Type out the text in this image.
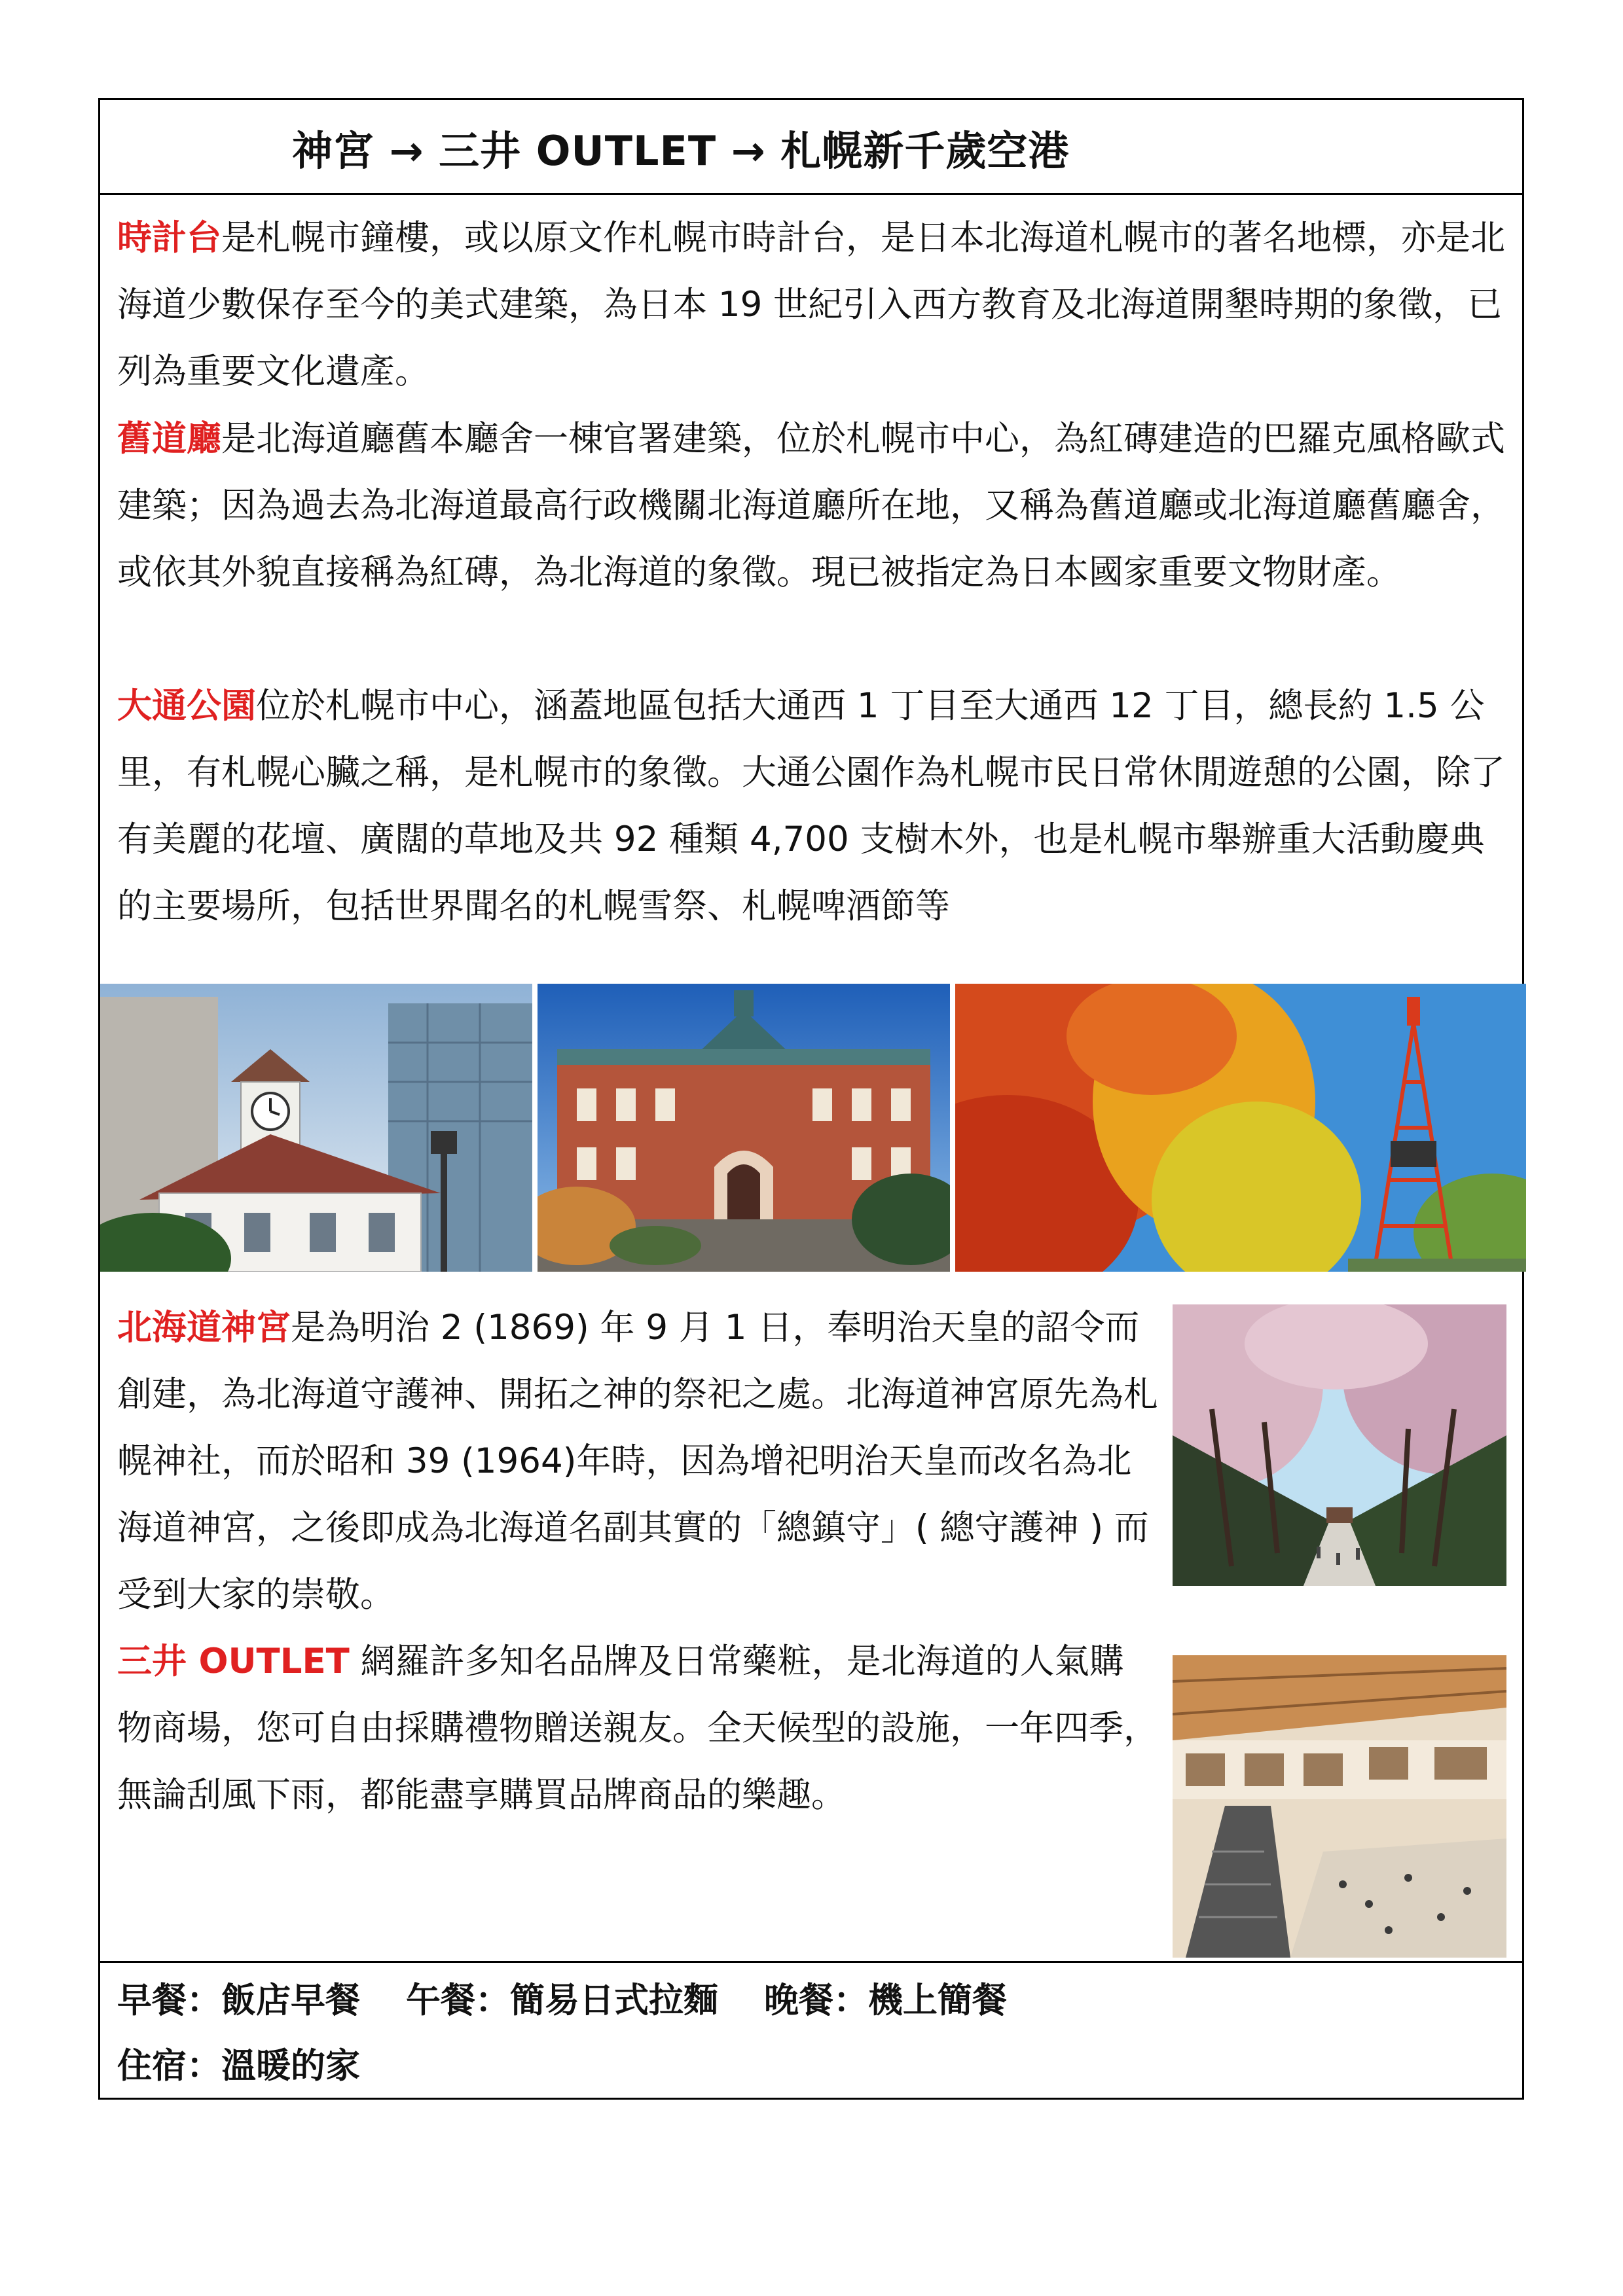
神宮 → 三井 OUTLET → 札幌新千歲空港

時計台是札幌市鐘樓，或以原文作札幌市時計台，是日本北海道札幌市的著名地標，亦是北海道少數保存至今的美式建築，為日本 19 世紀引入西方教育及北海道開墾時期的象徵，已列為重要文化遺產。

舊道廳是北海道廳舊本廳舍一棟官署建築，位於札幌市中心，為紅磚建造的巴羅克風格歐式建築；因為過去為北海道最高行政機關北海道廳所在地，又稱為舊道廳或北海道廳舊廳舍，或依其外貌直接稱為紅磚，為北海道的象徵。現已被指定為日本國家重要文物財產。

大通公園位於札幌市中心，涵蓋地區包括大通西 1 丁目至大通西 12 丁目，總長約 1.5 公里，有札幌心臟之稱，是札幌市的象徵。大通公園作為札幌市民日常休閒遊憩的公園，除了有美麗的花壇、廣闊的草地及共 92 種類 4,700 支樹木外，也是札幌市舉辦重大活動慶典的主要場所，包括世界聞名的札幌雪祭、札幌啤酒節等

北海道神宮是為明治 2 (1869) 年 9 月 1 日，奉明治天皇的詔令而創建，為北海道守護神、開拓之神的祭祀之處。北海道神宮原先為札幌神社，而於昭和 39 (1964)年時，因為增祀明治天皇而改名為北海道神宮，之後即成為北海道名副其實的「總鎮守」( 總守護神 ) 而受到大家的崇敬。

三井 OUTLET 網羅許多知名品牌及日常藥粧，是北海道的人氣購物商場，您可自由採購禮物贈送親友。全天候型的設施，一年四季，無論刮風下雨，都能盡享購買品牌商品的樂趣。

早餐：飯店早餐 午餐：簡易日式拉麵 晚餐：機上簡餐
住宿：溫暖的家
